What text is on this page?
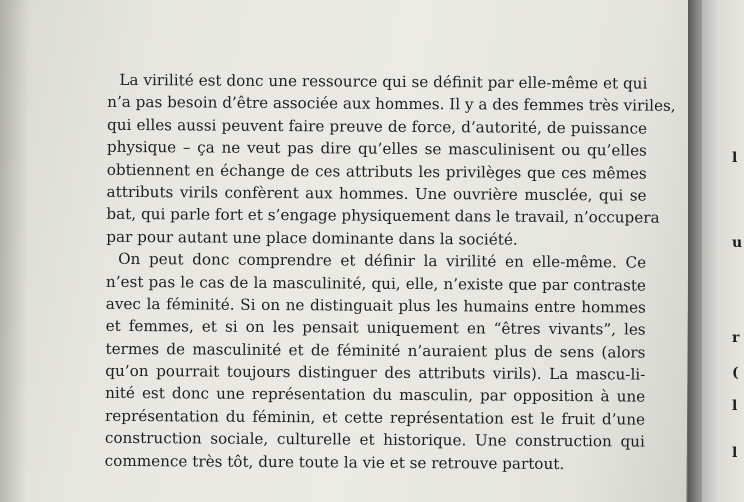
La virilité est donc une ressource qui se définit par elle-même et qui
n’a pas besoin d’être associée aux hommes. Il y a des femmes très viriles,
qui elles aussi peuvent faire preuve de force, d’autorité, de puissance
physique – ça ne veut pas dire qu’elles se masculinisent ou qu’elles
obtiennent en échange de ces attributs les privilèges que ces mêmes
attributs virils confèrent aux hommes. Une ouvrière musclée, qui se
bat, qui parle fort et s’engage physiquement dans le travail, n’occupera
par pour autant une place dominante dans la société.
On peut donc comprendre et définir la virilité en elle-même. Ce
n’est pas le cas de la masculinité, qui, elle, n’existe que par contraste
avec la féminité. Si on ne distinguait plus les humains entre hommes
et femmes, et si on les pensait uniquement en “êtres vivants”, les
termes de masculinité et de féminité n’auraient plus de sens (alors
qu’on pourrait toujours distinguer des attributs virils). La mascu-li-
nité est donc une représentation du masculin, par opposition à une
représentation du féminin, et cette représentation est le fruit d’une
construction sociale, culturelle et historique. Une construction qui
commence très tôt, dure toute la vie et se retrouve partout.
l
u
r
(
l
l
